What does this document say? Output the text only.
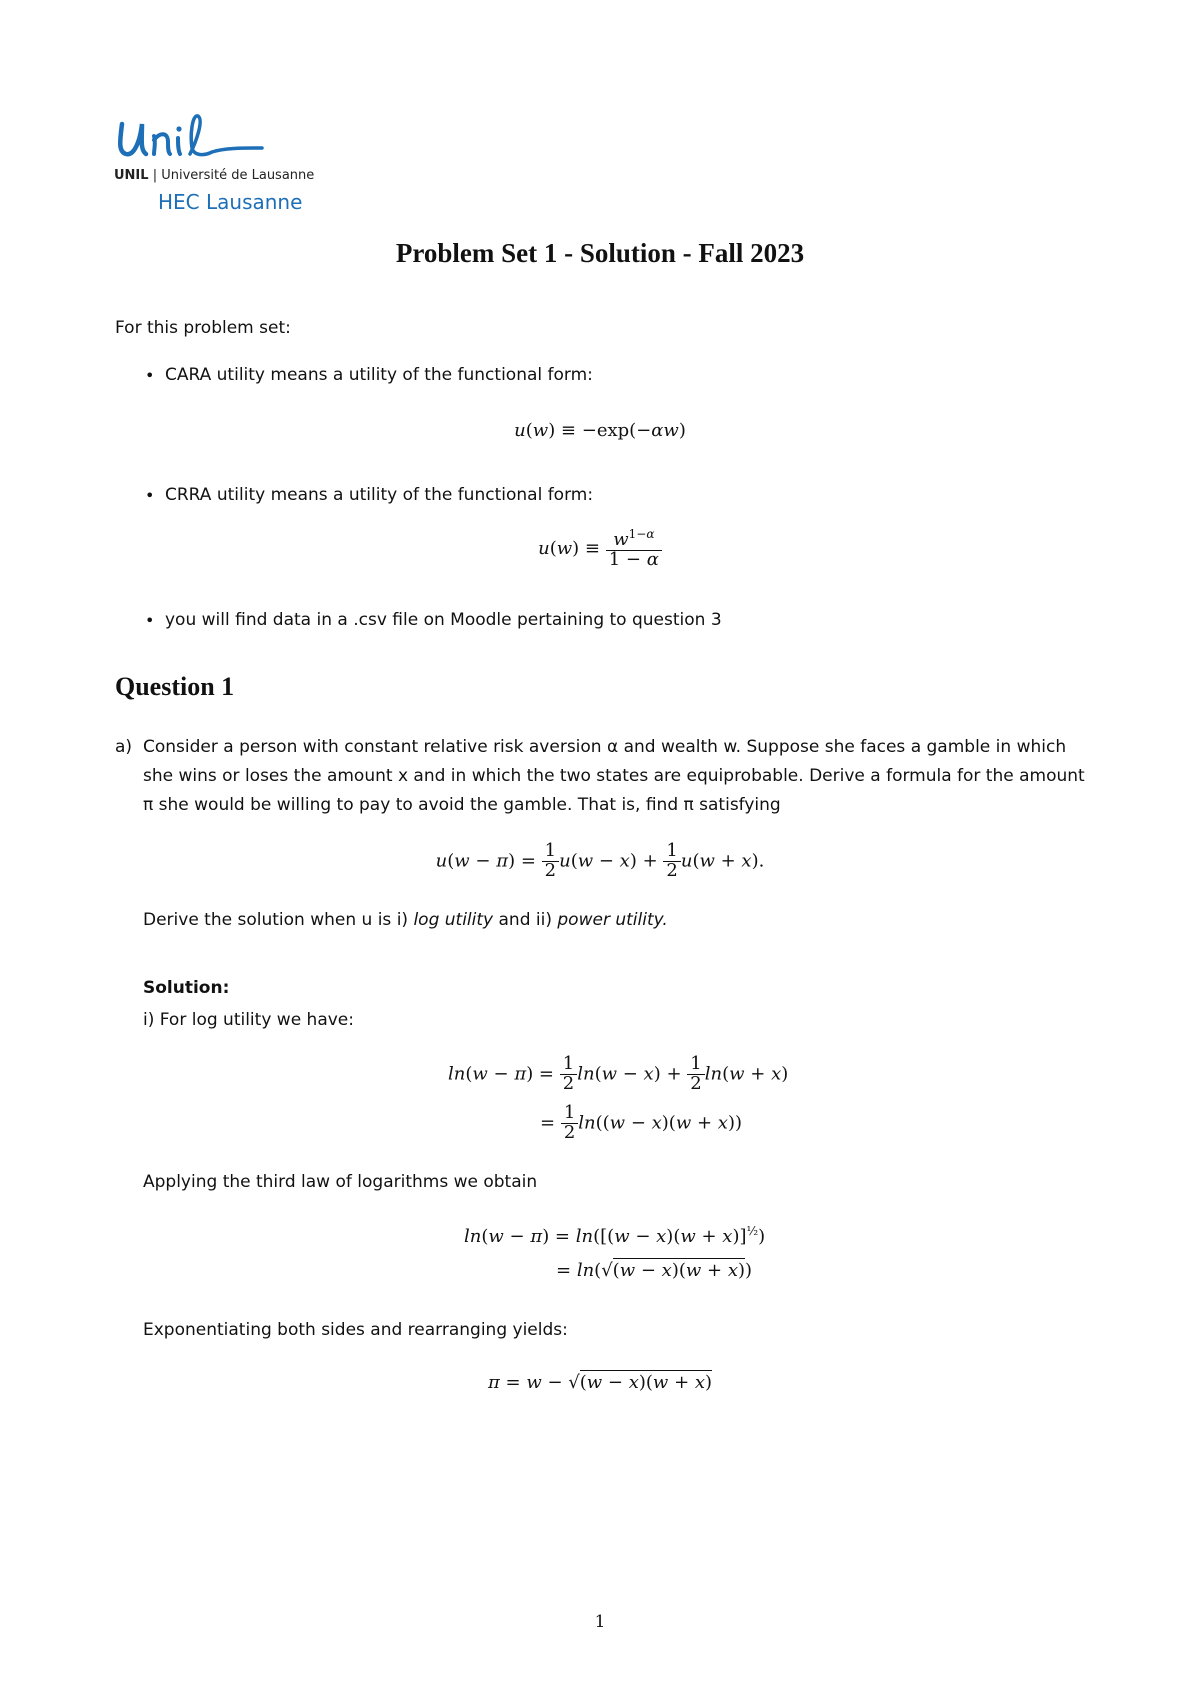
UNIL | Université de Lausanne
HEC Lausanne
Problem Set 1 - Solution - Fall 2023
For this problem set:
• CARA utility means a utility of the functional form:
u(w) ≡ −exp(−αw)
• CRRA utility means a utility of the functional form:
$u(w) \equiv \frac{w^{1-\alpha}}{1 - \alpha}$
• you will find data in a .csv file on Moodle pertaining to question 3
Question 1
a) Consider a person with constant relative risk aversion α and wealth w. Suppose she faces a gamble in which
she wins or loses the amount x and in which the two states are equiprobable. Derive a formula for the amount
π she would be willing to pay to avoid the gamble. That is, find π satisfying
$u(w - \pi) = \frac{1}{2} u(w - x) + \frac{1}{2} u(w + x)$.
Derive the solution when u is i) log utility and ii) power utility.
Solution:
i) For log utility we have:
$\ln(w - \pi) = \frac{1}{2} \ln(w - x) + \frac{1}{2} \ln(w + x)$
= $\frac{1}{2} \ln((w - x)(w + x))$
Applying the third law of logarithms we obtain
$\ln(w - \pi) = \ln([(w - x)(w + x)]^{\frac{1}{2}})$
= ln(√(w − x)(w + x))
Exponentiating both sides and rearranging yields:
π = w − √(w − x)(w + x)
1
